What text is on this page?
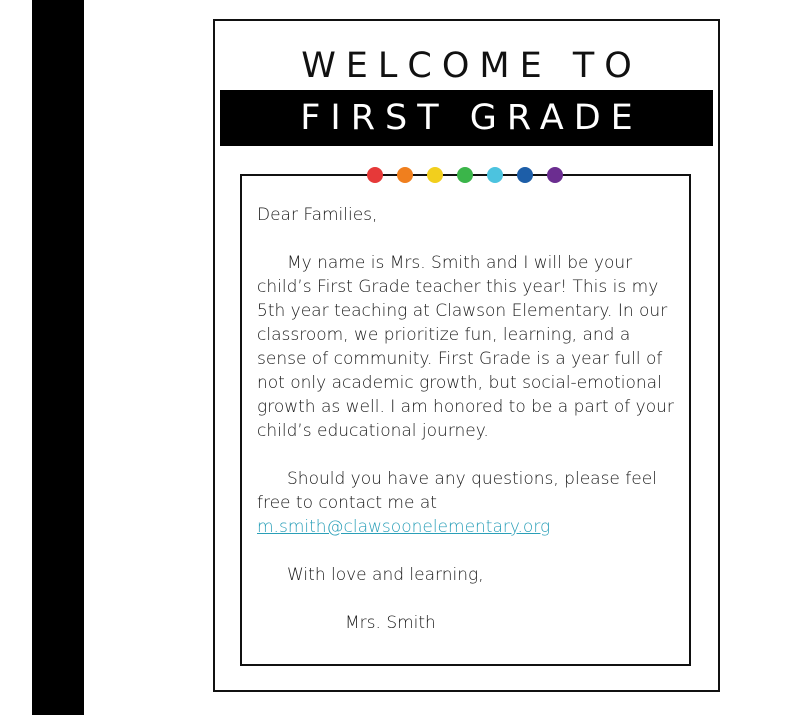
WELCOME TO
FIRST GRADE

Dear Families,

My name is Mrs. Smith and I will be your child’s First Grade teacher this year! This is my 5th year teaching at Clawson Elementary. In our classroom, we prioritize fun, learning, and a sense of community. First Grade is a year full of not only academic growth, but social-emotional growth as well. I am honored to be a part of your child’s educational journey.

Should you have any questions, please feel free to contact me at
m.smith@clawsoonelementary.org

With love and learning,

Mrs. Smith
